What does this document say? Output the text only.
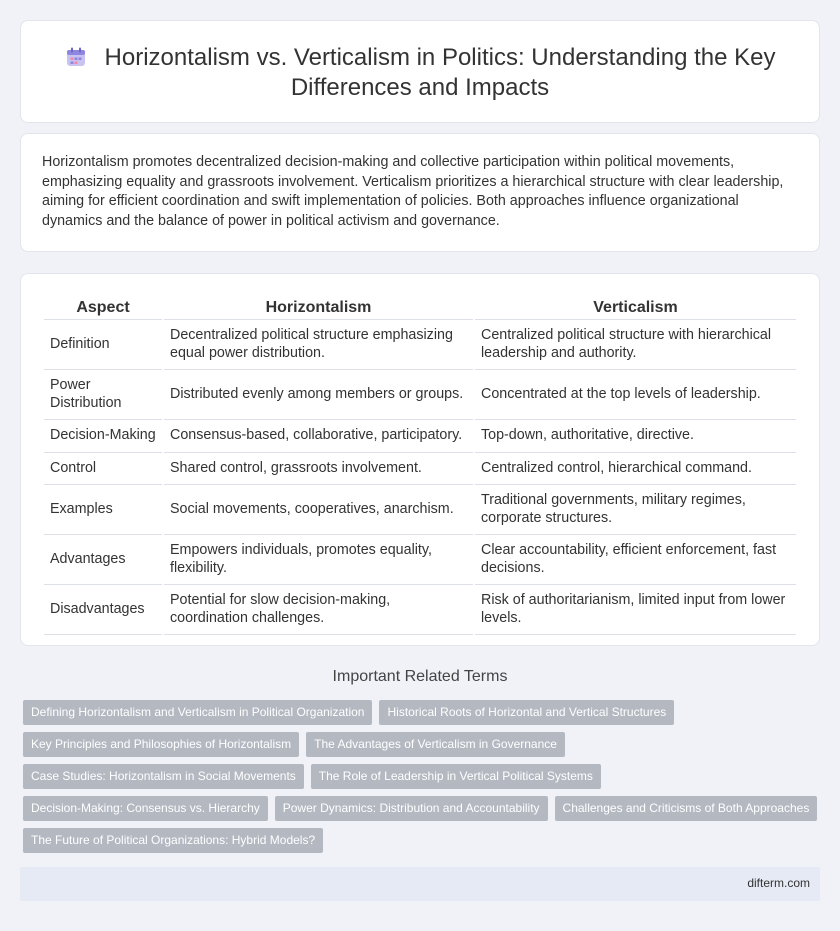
Horizontalism vs. Verticalism in Politics: Understanding the Key Differences and Impacts

Horizontalism promotes decentralized decision-making and collective participation within political movements, emphasizing equality and grassroots involvement. Verticalism prioritizes a hierarchical structure with clear leadership, aiming for efficient coordination and swift implementation of policies. Both approaches influence organizational dynamics and the balance of power in political activism and governance.

Aspect	Horizontalism	Verticalism
Definition	Decentralized political structure emphasizing equal power distribution.	Centralized political structure with hierarchical leadership and authority.
Power Distribution	Distributed evenly among members or groups.	Concentrated at the top levels of leadership.
Decision-Making	Consensus-based, collaborative, participatory.	Top-down, authoritative, directive.
Control	Shared control, grassroots involvement.	Centralized control, hierarchical command.
Examples	Social movements, cooperatives, anarchism.	Traditional governments, military regimes, corporate structures.
Advantages	Empowers individuals, promotes equality, flexibility.	Clear accountability, efficient enforcement, fast decisions.
Disadvantages	Potential for slow decision-making, coordination challenges.	Risk of authoritarianism, limited input from lower levels.
Important Related Terms
Defining Horizontalism and Verticalism in Political Organization	Historical Roots of Horizontal and Vertical Structures
Key Principles and Philosophies of Horizontalism	The Advantages of Verticalism in Governance
Case Studies: Horizontalism in Social Movements	The Role of Leadership in Vertical Political Systems
Decision-Making: Consensus vs. Hierarchy	Power Dynamics: Distribution and Accountability	Challenges and Criticisms of Both Approaches
The Future of Political Organizations: Hybrid Models?
difterm.com
